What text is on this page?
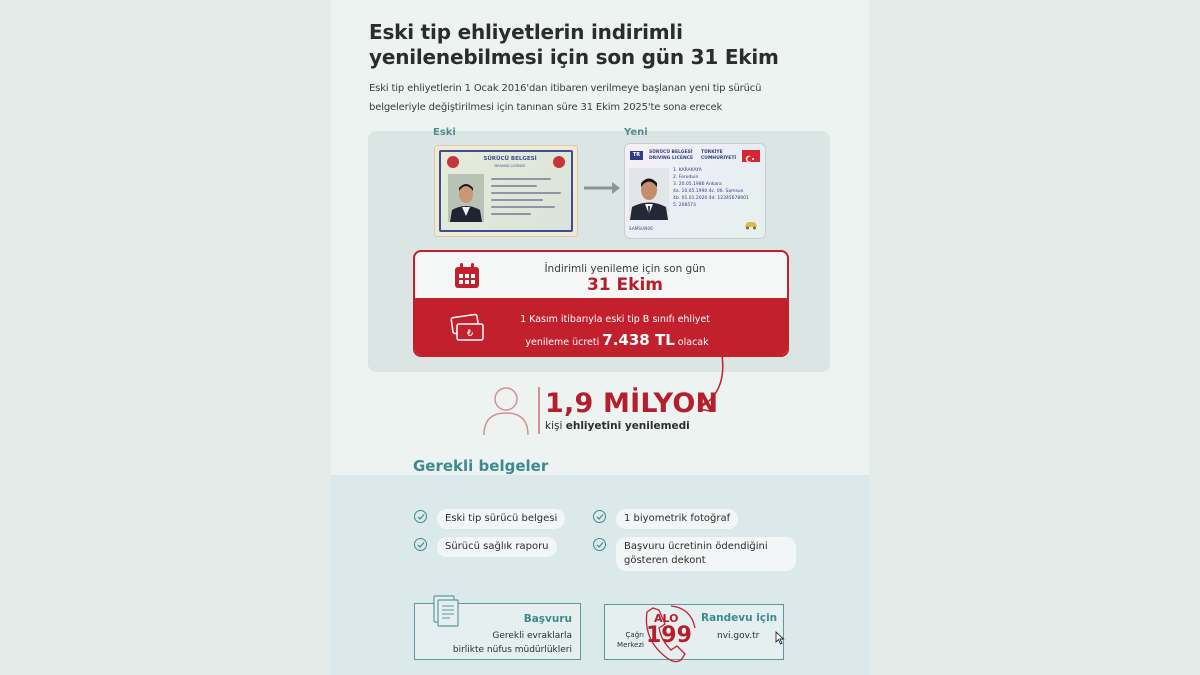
Eski tip ehliyetlerin indirimli yenilenebilmesi için son gün 31 Ekim

Eski tip ehliyetlerin 1 Ocak 2016'dan itibaren verilmeye başlanan yeni tip sürücü belgeleriyle değiştirilmesi için tanınan süre 31 Ekim 2025'te sona erecek

Eski	Yeni
SÜRÜCÜ BELGESİ
DRIVING LICENCE
TR	SÜRÜCÜ BELGESİ
DRIVING LICENCE
TÜRKİYE
CUMHURİYETİ
1. KARAKAYA
2. Feruduin
3. 20.05.1986 Ankara
4a. 10.05.1990 4c. 06. Samsun
4b. 01.01.2020 4d. 12345678901
5. 208573
SAMSUN06
İndirimli yenileme için son gün
31 Ekim
₺
1 Kasım itibarıyla eski tip B sınıfı ehliyet
yenileme ücreti 7.438 TL olacak
1,9 MİLYON
kişi ehliyetini yenilemedi
Gerekli belgeler
Eski tip sürücü belgesi
Sürücü sağlık raporu
1 biyometrik fotoğraf
Başvuru ücretinin ödendiğini gösteren dekont
Başvuru
Gerekli evraklarla
birlikte nüfus müdürlükleri
ALO
199
Çağrı
Merkezi
Randevu için
nvi.gov.tr
